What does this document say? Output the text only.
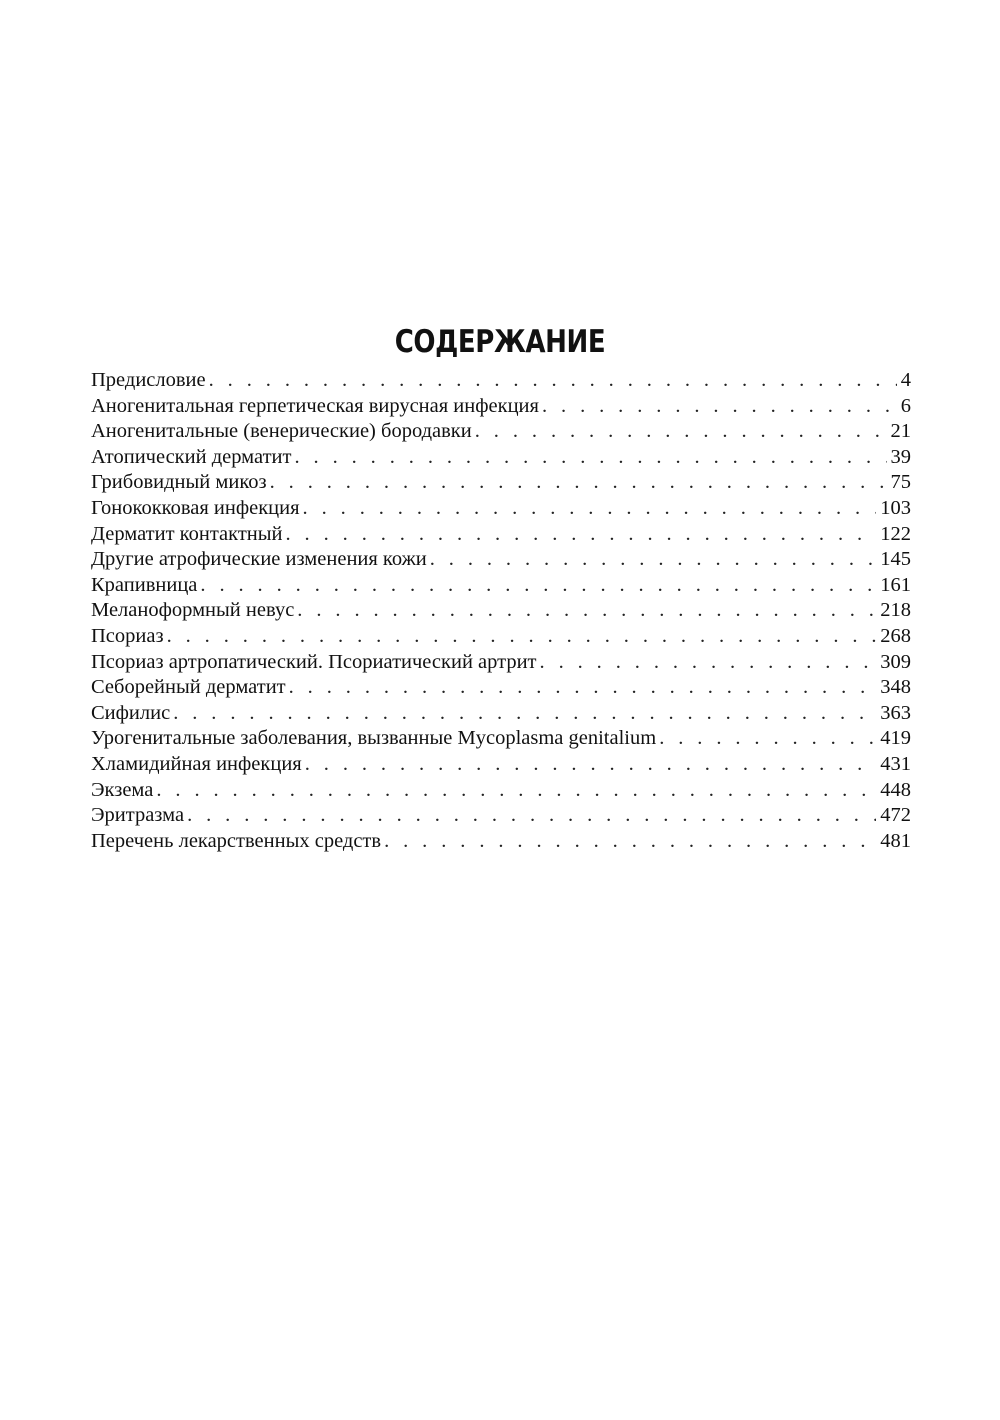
СОДЕРЖАНИЕ
Предисловие . . .	4
Аногенитальная герпетическая вирусная инфекция . . .	6
Аногенитальные (венерические) бородавки . . .	21
Атопический дерматит . . .	39
Грибовидный микоз . . .	75
Гонококковая инфекция . . .	103
Дерматит контактный . . .	122
Другие атрофические изменения кожи . . .	145
Крапивница . . .	161
Меланоформный невус . . .	218
Псориаз . . .	268
Псориаз артропатический. Псориатический артрит . . .	309
Себорейный дерматит . . .	348
Сифилис . . .	363
Урогенитальные заболевания, вызванные Mycoplasma genitalium . . .	419
Хламидийная инфекция . . .	431
Экзема . . .	448
Эритразма . . .	472
Перечень лекарственных средств . . .	481
